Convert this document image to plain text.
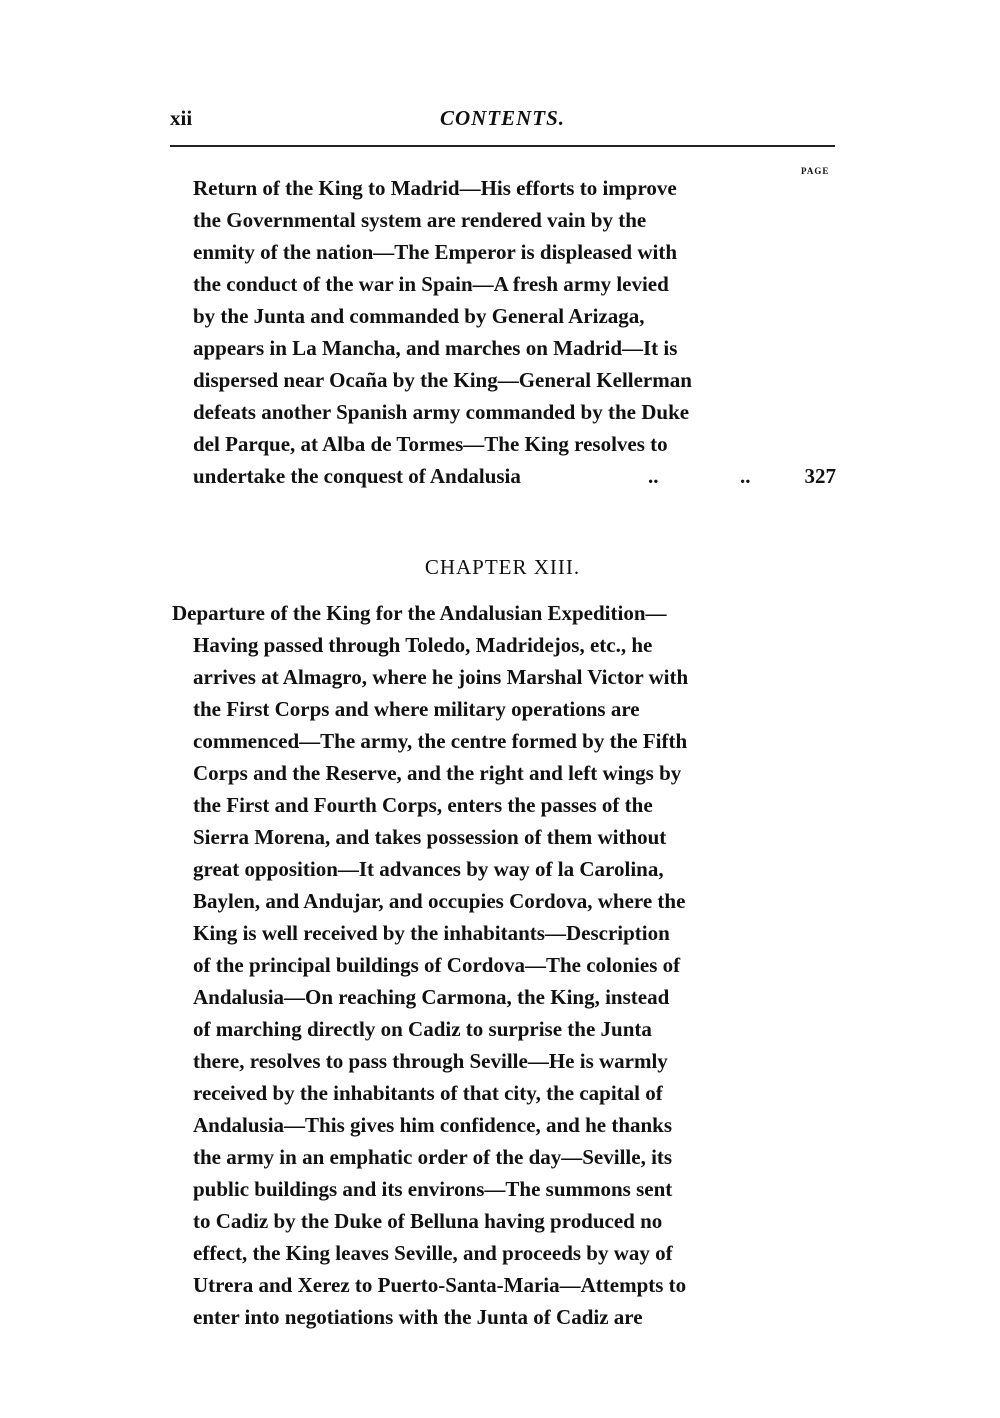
xii	CONTENTS.
PAGE
Return of the King to Madrid—His efforts to improve
the Governmental system are rendered vain by the
enmity of the nation—The Emperor is displeased with
the conduct of the war in Spain—A fresh army levied
by the Junta and commanded by General Arizaga,
appears in La Mancha, and marches on Madrid—It is
dispersed near Ocaña by the King—General Kellerman
defeats another Spanish army commanded by the Duke
del Parque, at Alba de Tormes—The King resolves to
undertake the conquest of Andalusia	..	..	327
CHAPTER XIII.
Departure of the King for the Andalusian Expedition—
Having passed through Toledo, Madridejos, etc., he
arrives at Almagro, where he joins Marshal Victor with
the First Corps and where military operations are
commenced—The army, the centre formed by the Fifth
Corps and the Reserve, and the right and left wings by
the First and Fourth Corps, enters the passes of the
Sierra Morena, and takes possession of them without
great opposition—It advances by way of la Carolina,
Baylen, and Andujar, and occupies Cordova, where the
King is well received by the inhabitants—Description
of the principal buildings of Cordova—The colonies of
Andalusia—On reaching Carmona, the King, instead
of marching directly on Cadiz to surprise the Junta
there, resolves to pass through Seville—He is warmly
received by the inhabitants of that city, the capital of
Andalusia—This gives him confidence, and he thanks
the army in an emphatic order of the day—Seville, its
public buildings and its environs—The summons sent
to Cadiz by the Duke of Belluna having produced no
effect, the King leaves Seville, and proceeds by way of
Utrera and Xerez to Puerto-Santa-Maria—Attempts to
enter into negotiations with the Junta of Cadiz are
